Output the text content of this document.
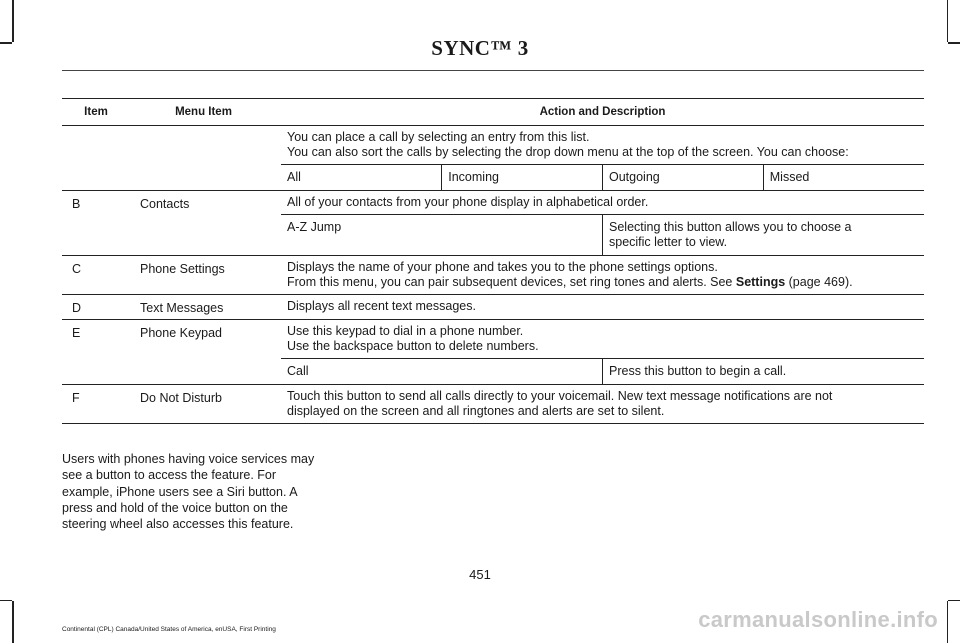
SYNC™ 3
Item	Menu Item	Action and Description

You can place a call by selecting an entry from this list.
You can also sort the calls by selecting the drop down menu at the top of the screen. You can choose:
All	Incoming	Outgoing	Missed

B	Contacts	All of your contacts from your phone display in alphabetical order.
A-Z Jump	Selecting this button allows you to choose a
specific letter to view.

C	Phone Settings	Displays the name of your phone and takes you to the phone settings options.
From this menu, you can pair subsequent devices, set ring tones and alerts. See Settings (page 469).

D	Text Messages	Displays all recent text messages.

E	Phone Keypad	Use this keypad to dial in a phone number.
Use the backspace button to delete numbers.
Call	Press this button to begin a call.

F	Do Not Disturb	Touch this button to send all calls directly to your voicemail. New text message notifications are not
displayed on the screen and all ringtones and alerts are set to silent.
Users with phones having voice services may
see a button to access the feature. For
example, iPhone users see a Siri button. A
press and hold of the voice button on the
steering wheel also accesses this feature.
451
Continental (CPL) Canada/United States of America, enUSA, First Printing	carmanualsonline.info
